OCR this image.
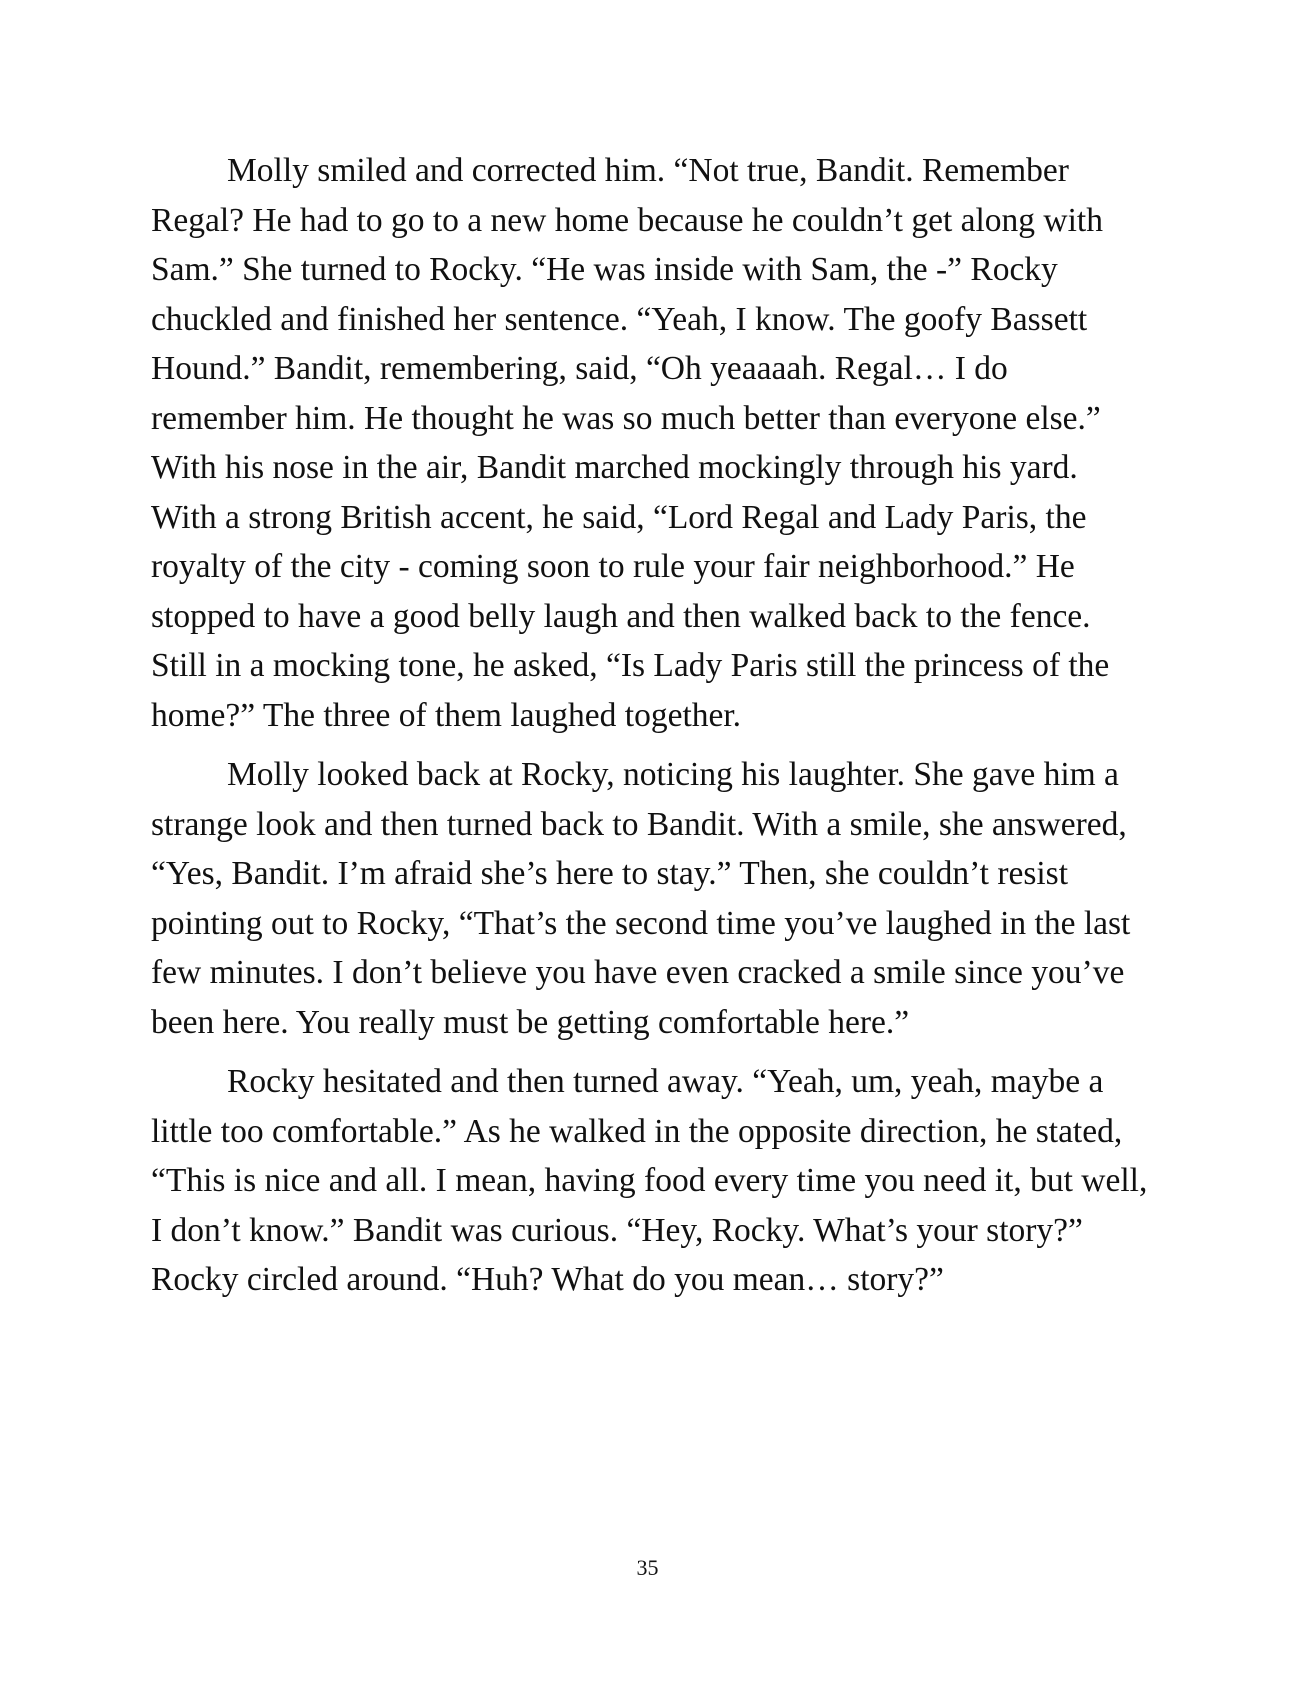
Molly smiled and corrected him. “Not true, Bandit. Remember Regal? He had to go to a new home because he couldn’t get along with Sam.” She turned to Rocky. “He was inside with Sam, the -” Rocky chuckled and finished her sentence. “Yeah, I know. The goofy Bassett Hound.” Bandit, remembering, said, “Oh yeaaaah. Regal… I do remember him. He thought he was so much better than everyone else.” With his nose in the air, Bandit marched mockingly through his yard. With a strong British accent, he said, “Lord Regal and Lady Paris, the royalty of the city - coming soon to rule your fair neighborhood.” He stopped to have a good belly laugh and then walked back to the fence. Still in a mocking tone, he asked, “Is Lady Paris still the princess of the home?” The three of them laughed together.

Molly looked back at Rocky, noticing his laughter. She gave him a strange look and then turned back to Bandit. With a smile, she answered, “Yes, Bandit. I’m afraid she’s here to stay.” Then, she couldn’t resist pointing out to Rocky, “That’s the second time you’ve laughed in the last few minutes. I don’t believe you have even cracked a smile since you’ve been here. You really must be getting comfortable here.”

Rocky hesitated and then turned away. “Yeah, um, yeah, maybe a little too comfortable.” As he walked in the opposite direction, he stated, “This is nice and all. I mean, having food every time you need it, but well, I don’t know.” Bandit was curious. “Hey, Rocky. What’s your story?” Rocky circled around. “Huh? What do you mean… story?”

35
